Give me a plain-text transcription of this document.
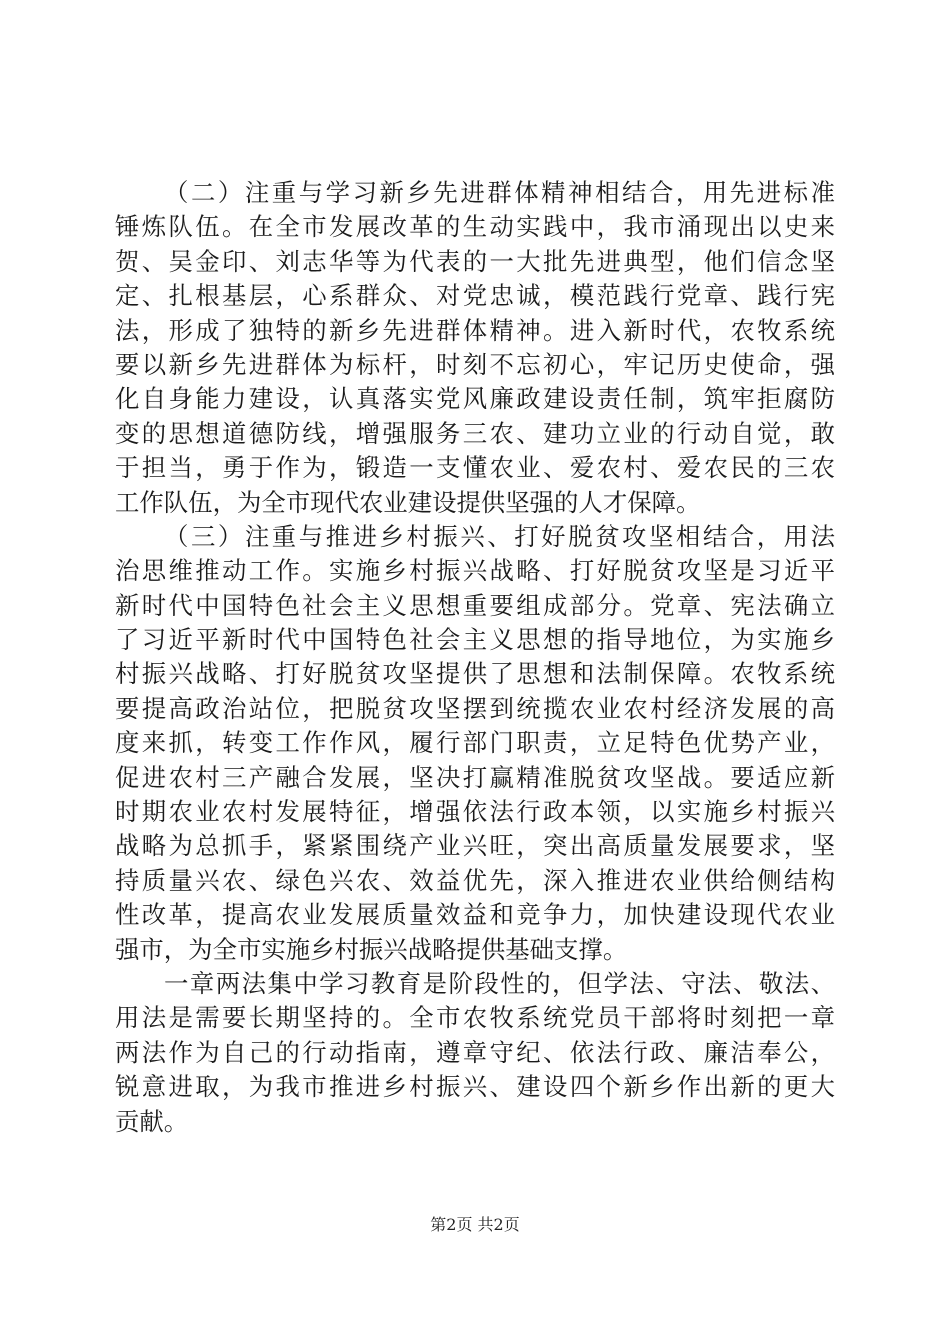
（二）注重与学习新乡先进群体精神相结合，用先进标准
锤炼队伍。在全市发展改革的生动实践中，我市涌现出以史来
贺、吴金印、刘志华等为代表的一大批先进典型，他们信念坚
定、扎根基层，心系群众、对党忠诚，模范践行党章、践行宪
法，形成了独特的新乡先进群体精神。进入新时代，农牧系统
要以新乡先进群体为标杆，时刻不忘初心，牢记历史使命，强
化自身能力建设，认真落实党风廉政建设责任制，筑牢拒腐防
变的思想道德防线，增强服务三农、建功立业的行动自觉，敢
于担当，勇于作为，锻造一支懂农业、爱农村、爱农民的三农
工作队伍，为全市现代农业建设提供坚强的人才保障。
（三）注重与推进乡村振兴、打好脱贫攻坚相结合，用法
治思维推动工作。实施乡村振兴战略、打好脱贫攻坚是习近平
新时代中国特色社会主义思想重要组成部分。党章、宪法确立
了习近平新时代中国特色社会主义思想的指导地位，为实施乡
村振兴战略、打好脱贫攻坚提供了思想和法制保障。农牧系统
要提高政治站位，把脱贫攻坚摆到统揽农业农村经济发展的高
度来抓，转变工作作风，履行部门职责，立足特色优势产业，
促进农村三产融合发展，坚决打赢精准脱贫攻坚战。要适应新
时期农业农村发展特征，增强依法行政本领，以实施乡村振兴
战略为总抓手，紧紧围绕产业兴旺，突出高质量发展要求，坚
持质量兴农、绿色兴农、效益优先，深入推进农业供给侧结构
性改革，提高农业发展质量效益和竞争力，加快建设现代农业
强市，为全市实施乡村振兴战略提供基础支撑。
一章两法集中学习教育是阶段性的，但学法、守法、敬法、
用法是需要长期坚持的。全市农牧系统党员干部将时刻把一章
两法作为自己的行动指南，遵章守纪、依法行政、廉洁奉公，
锐意进取，为我市推进乡村振兴、建设四个新乡作出新的更大
贡献。
第2页 共2页
